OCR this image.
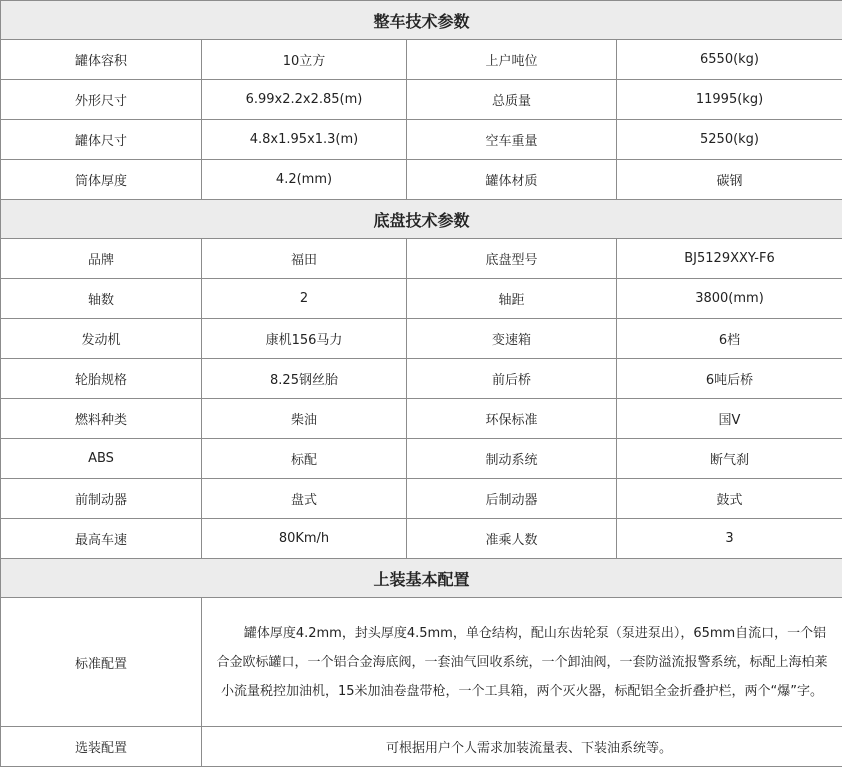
整车技术参数			
罐体容积	10立方	上户吨位	6550(kg)
外形尺寸	6.99x2.2x2.85(m)	总质量	11995(kg)
罐体尺寸	4.8x1.95x1.3(m)	空车重量	5250(kg)
筒体厚度	4.2(mm)	罐体材质	碳钢
底盘技术参数			
品牌	福田	底盘型号	BJ5129XXY-F6
轴数	2	轴距	3800(mm)
发动机	康机156马力	变速箱	6档
轮胎规格	8.25钢丝胎	前后桥	6吨后桥
燃料种类	柴油	环保标准	国V
ABS	标配	制动系统	断气刹
前制动器	盘式	后制动器	鼓式
最高车速	80Km/h	准乘人数	3
上装基本配置			
标准配置	罐体厚度4.2mm，封头厚度4.5mm，单仓结构，配山东齿轮泵（泵进泵出），65mm自流口，一个铝合金欧标罐口，一个铝合金海底阀，一套油气回收系统，一个卸油阀，一套防溢流报警系统，标配上海柏莱小流量税控加油机，15米加油卷盘带枪，一个工具箱，两个灭火器，标配铝全金折叠护栏，两个“爆”字。		

选装配置	可根据用户个人需求加装流量表、下装油系统等。		
